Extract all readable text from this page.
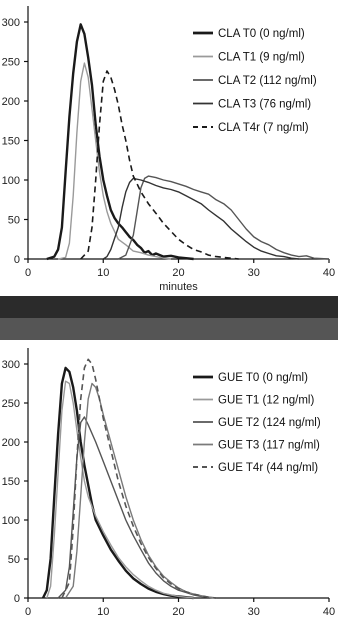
0
50
100
150
200
250
300
0	10	20	30	40
minutes
CLA T0 (0 ng/ml)
CLA T1 (9 ng/ml)
CLA T2 (112 ng/ml)
CLA T3 (76 ng/ml)
CLA T4r (7 ng/ml)
0
50
100
150
200
250
300
0	10	20	30	40
GUE T0 (0 ng/ml)
GUE T1 (12 ng/ml)
GUE T2 (124 ng/ml)
GUE T3 (117 ng/ml)
GUE T4r (44 ng/ml)
